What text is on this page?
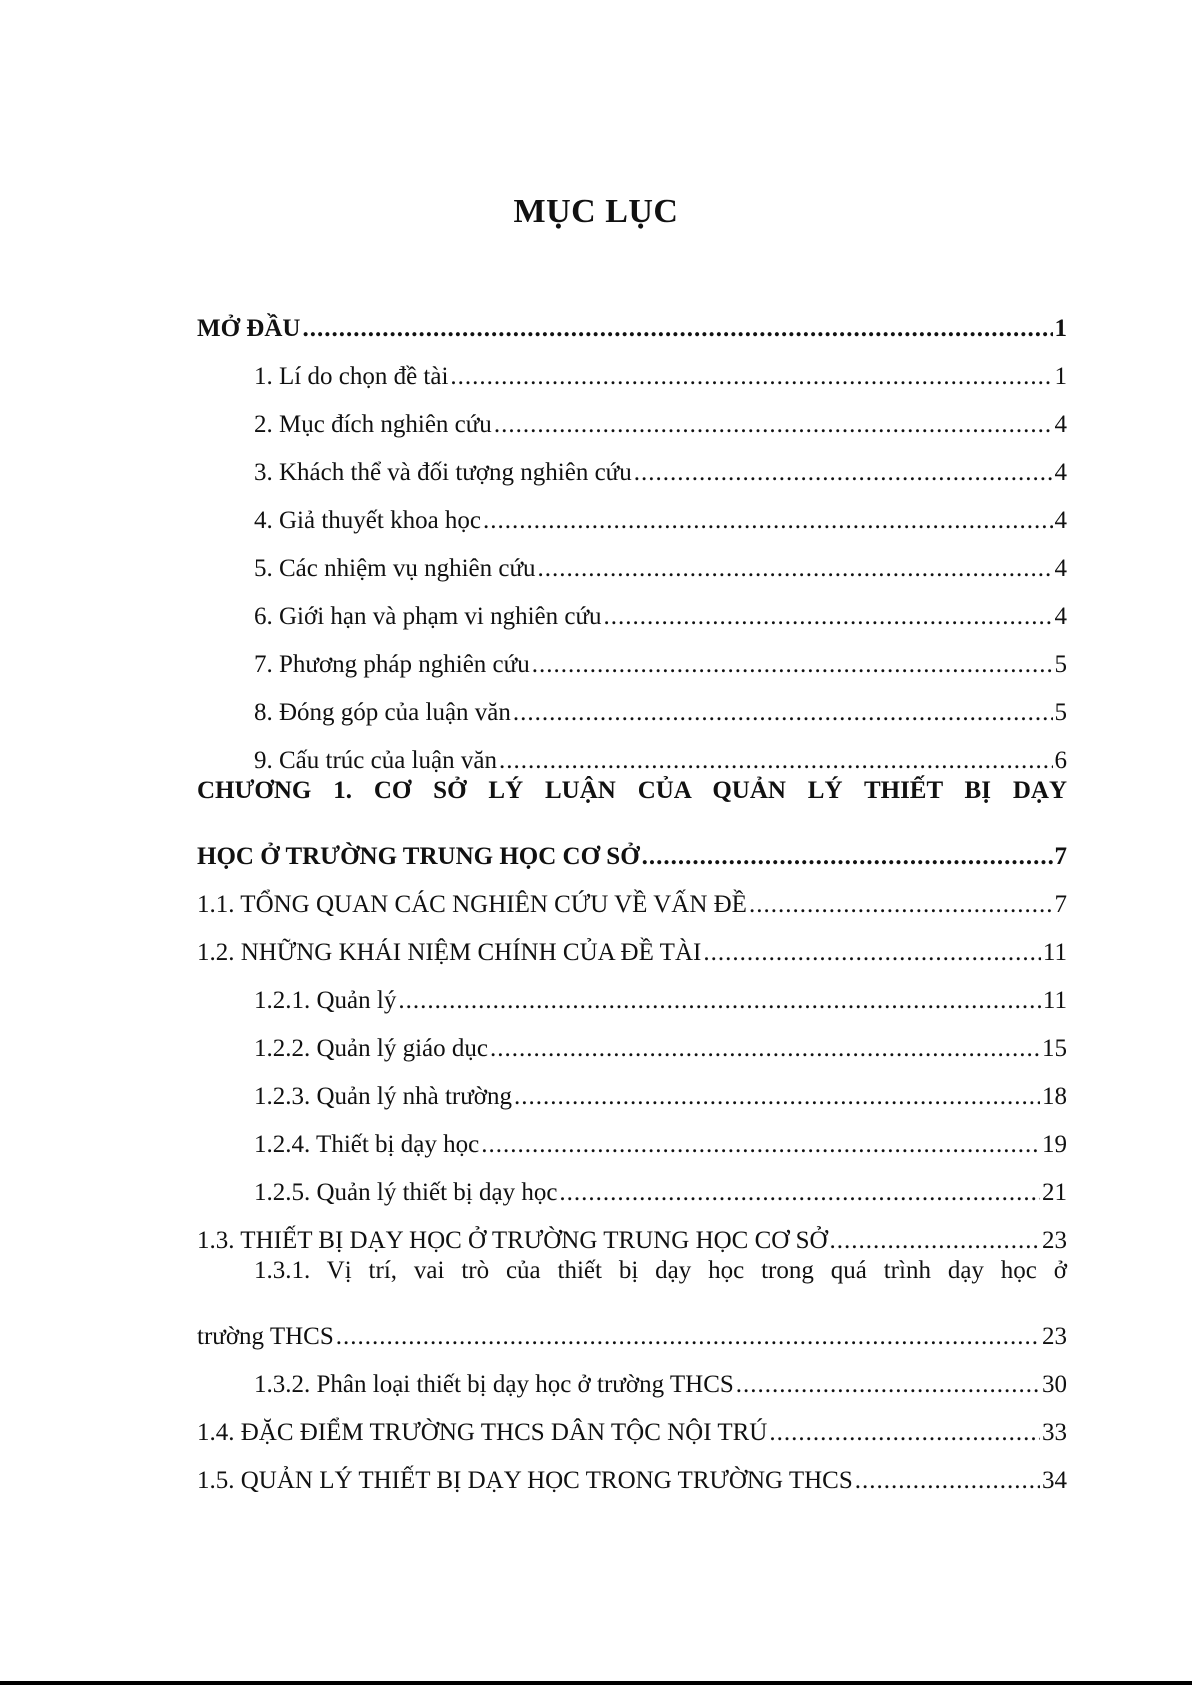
MỤC LỤC
MỞ ĐẦU .....	1
1. Lí do chọn đề tài .....	1
2. Mục đích nghiên cứu .....	4
3. Khách thể và đối tượng nghiên cứu .....	4
4. Giả thuyết khoa học .....	4
5. Các nhiệm vụ nghiên cứu .....	4
6. Giới hạn và phạm vi nghiên cứu .....	4
7. Phương pháp nghiên cứu .....	5
8. Đóng góp của luận văn .....	5
9. Cấu trúc của luận văn .....	6
CHƯƠNG 1. CƠ SỞ LÝ LUẬN CỦA QUẢN LÝ THIẾT BỊ DẠY
HỌC Ở TRƯỜNG TRUNG HỌC CƠ SỞ .....	7
1.1. TỔNG QUAN CÁC NGHIÊN CỨU VỀ VẤN ĐỀ .....	7
1.2. NHỮNG KHÁI NIỆM CHÍNH CỦA ĐỀ TÀI .....	11
1.2.1. Quản lý .....	11
1.2.2. Quản lý giáo dục .....	15
1.2.3. Quản lý nhà trường .....	18
1.2.4. Thiết bị dạy học .....	19
1.2.5. Quản lý thiết bị dạy học .....	21
1.3. THIẾT BỊ DẠY HỌC Ở TRƯỜNG TRUNG HỌC CƠ SỞ .....	23
1.3.1. Vị trí, vai trò của thiết bị dạy học trong quá trình dạy học ở
trường THCS .....	23
1.3.2. Phân loại thiết bị dạy học ở trường THCS .....	30
1.4. ĐẶC ĐIỂM TRƯỜNG THCS DÂN TỘC NỘI TRÚ .....	33
1.5. QUẢN LÝ THIẾT BỊ DẠY HỌC TRONG TRƯỜNG THCS .....	34
